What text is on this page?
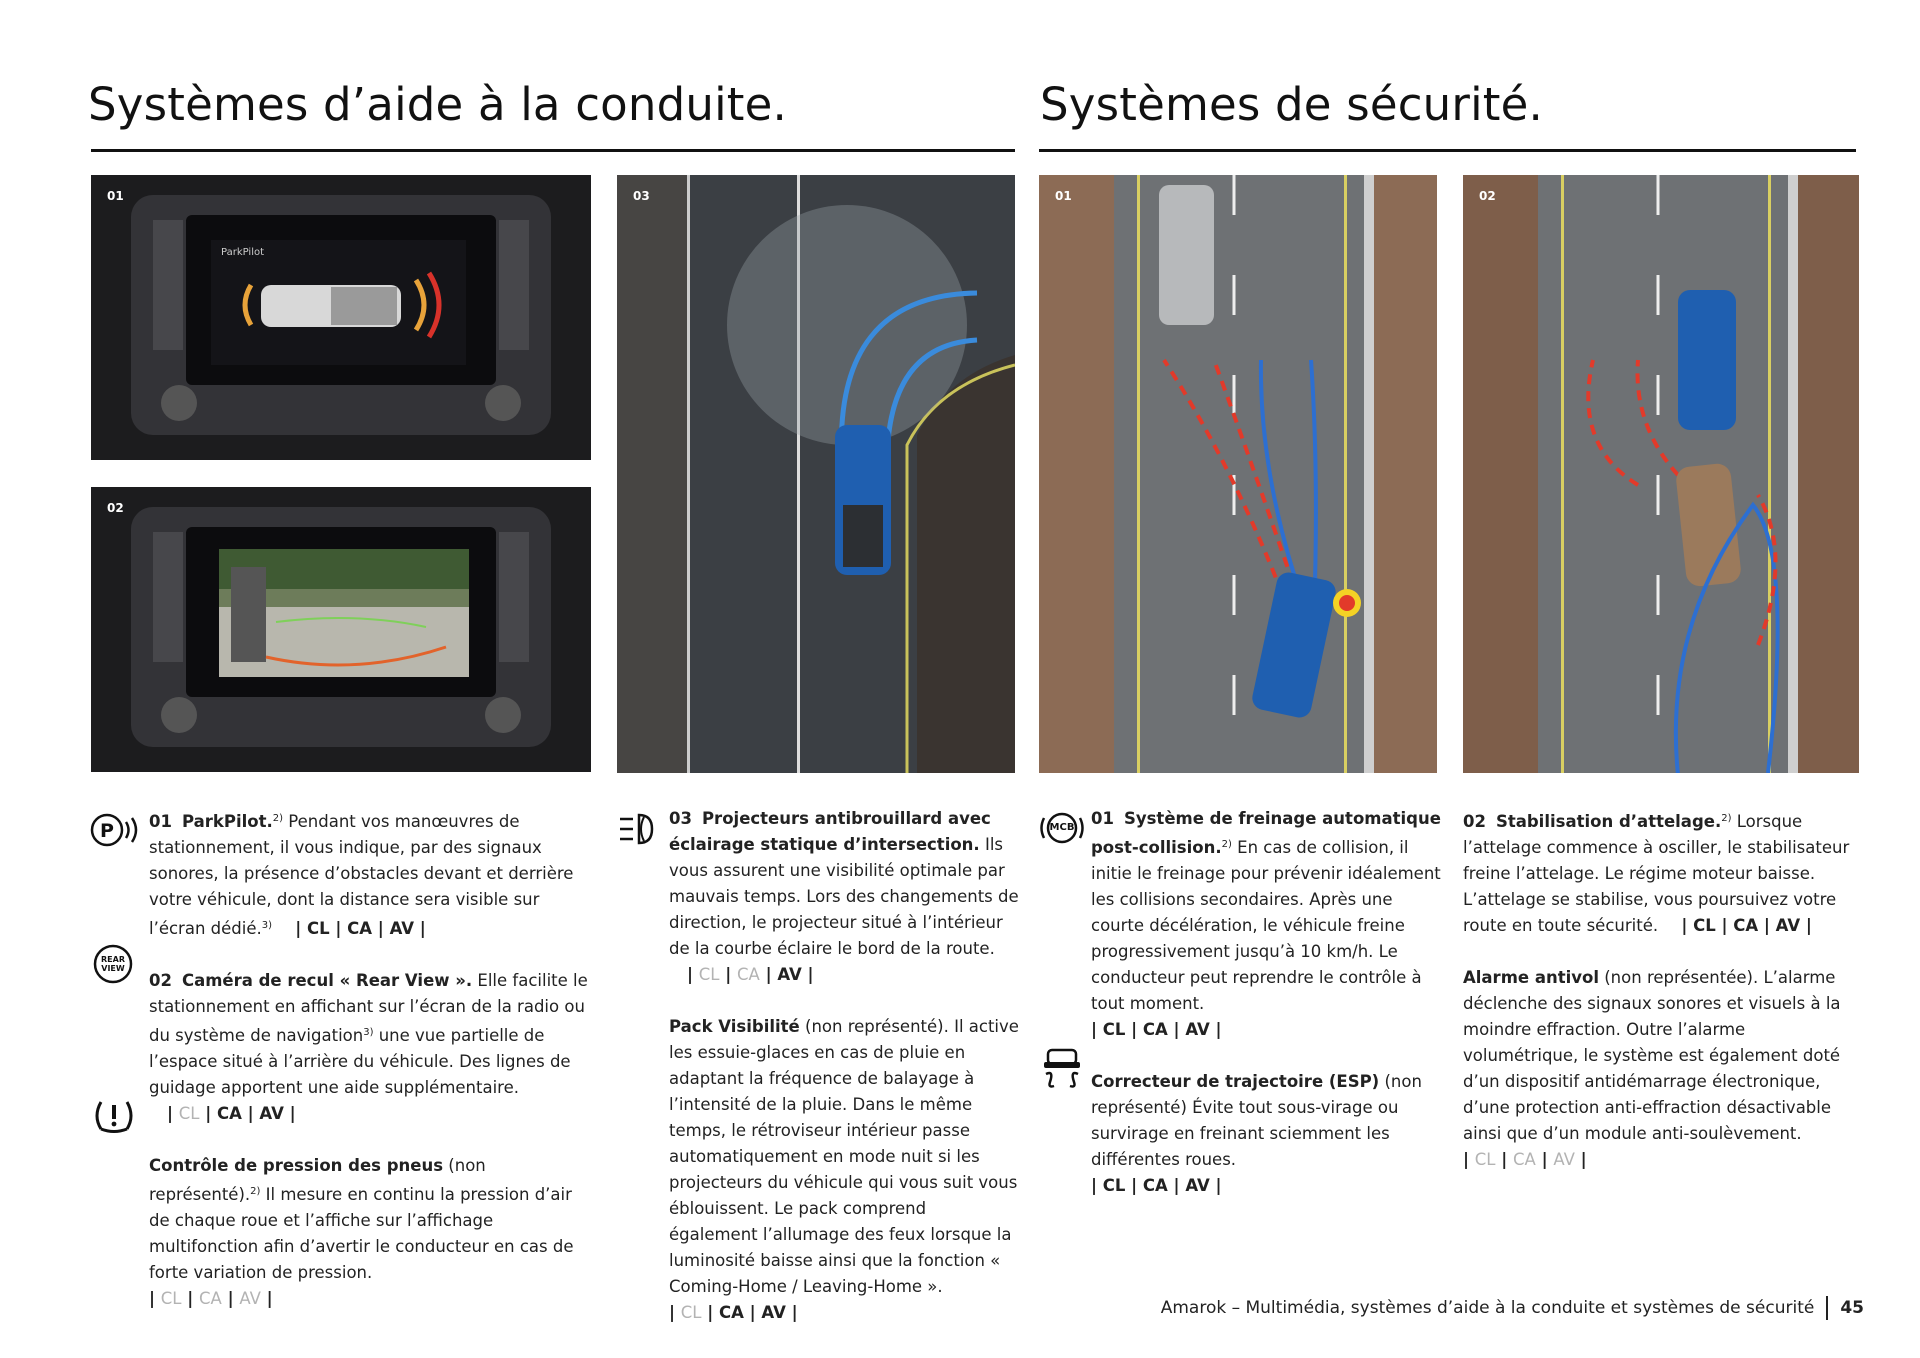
Systèmes d’aide à la conduite.	Systèmes de sécurité.
01
ParkPilot
02
03	01	02
P
REAR VIEW
MCB

01 ParkPilot.$^{2)}$ Pendant vos manœuvres de stationnement, il vous indique, par des signaux sonores, la présence d’obstacles devant et derrière votre véhicule, dont la distance sera visible sur l’écran dédié.$^{3)}$ | CL | CA | AV |

02 Caméra de recul « Rear View ». Elle facilite le stationnement en affichant sur l’écran de la radio ou du système de navigation$^{3)}$ une vue partielle de l’espace situé à l’arrière du véhicule. Des lignes de guidage apportent une aide supplémentaire. | CL | CA | AV |

Contrôle de pression des pneus (non représenté).$^{2)}$ Il mesure en continu la pression d’air de chaque roue et l’affiche sur l’affichage multifonction afin d’avertir le conducteur en cas de forte variation de pression.
| CL | CA | AV |

03 Projecteurs antibrouillard avec éclairage statique d’intersection. Ils vous assurent une visibilité optimale par mauvais temps. Lors des changements de direction, le projecteur situé à l’intérieur de la courbe éclaire le bord de la route. | CL | CA | AV |

Pack Visibilité (non représenté). Il active les essuie-glaces en cas de pluie en adaptant la fréquence de balayage à l’intensité de la pluie. Dans le même temps, le rétroviseur intérieur passe automatiquement en mode nuit si les projecteurs du véhicule qui vous suit vous éblouissent. Le pack comprend également l’allumage des feux lorsque la luminosité baisse ainsi que la fonction « Coming-Home / Leaving-Home ».
| CL | CA | AV |

01 Système de freinage automatique post-collision.$^{2)}$ En cas de collision, il initie le freinage pour prévenir idéalement les collisions secondaires. Après une courte décélération, le véhicule freine progressivement jusqu’à 10 km/h. Le conducteur peut reprendre le contrôle à tout moment.
| CL | CA | AV |

Correcteur de trajectoire (ESP) (non représenté) Évite tout sous-virage ou survirage en freinant sciemment les différentes roues.
| CL | CA | AV |

02 Stabilisation d’attelage.$^{2)}$ Lorsque l’attelage commence à osciller, le stabilisateur freine l’attelage. Le régime moteur baisse. L’attelage se stabilise, vous poursuivez votre route en toute sécurité. | CL | CA | AV |

Alarme antivol (non représentée). L’alarme déclenche des signaux sonores et visuels à la moindre effraction. Outre l’alarme volumétrique, le système est également doté d’un dispositif antidémarrage électronique, d’une protection anti-effraction désactivable ainsi que d’un module anti-soulèvement.
| CL | CA | AV |

Amarok – Multimédia, systèmes d’aide à la conduite et systèmes de sécurité 45
